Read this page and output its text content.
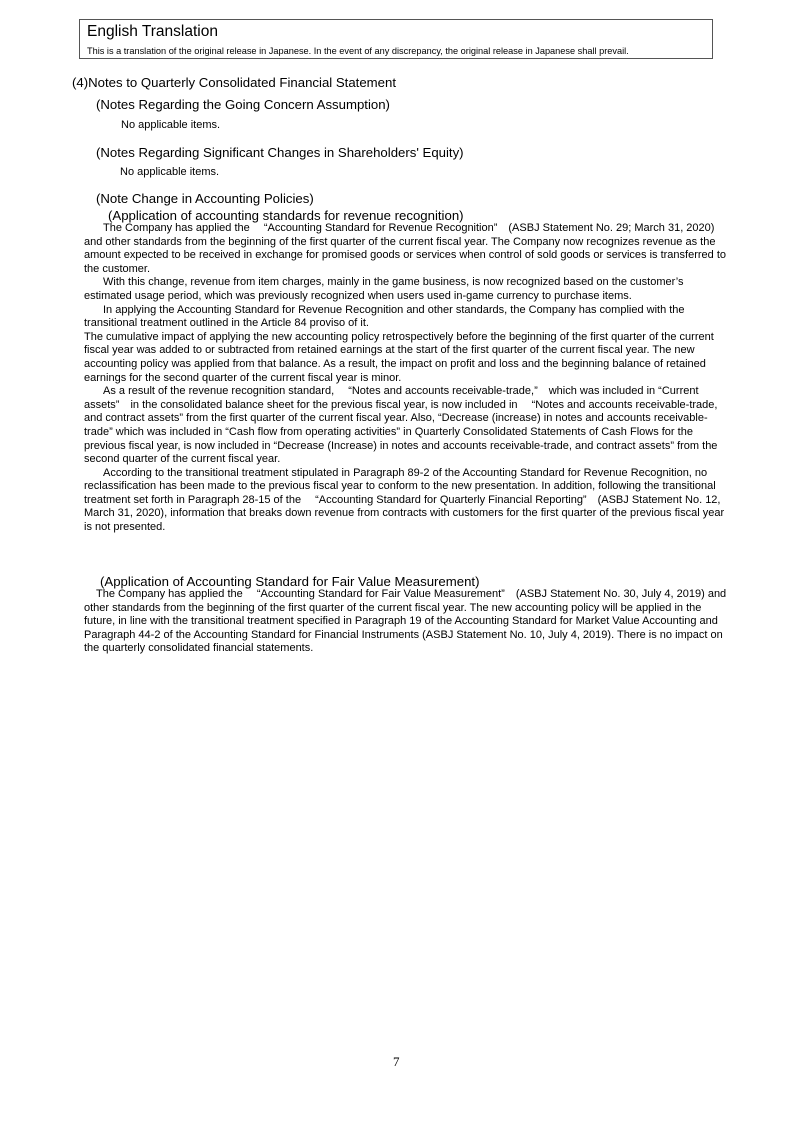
English Translation
This is a translation of the original release in Japanese. In the event of any discrepancy, the original release in Japanese shall prevail.
(4)Notes to Quarterly Consolidated Financial Statement
(Notes Regarding the Going Concern Assumption)
No applicable items.
(Notes Regarding Significant Changes in Shareholders' Equity)
No applicable items.
(Note Change in Accounting Policies)
(Application of accounting standards for revenue recognition)

The Company has applied the 　“Accounting Standard for Revenue Recognition”　(ASBJ Statement No. 29; March 31, 2020) and other standards from the beginning of the first quarter of the current fiscal year. The Company now recognizes revenue as the amount expected to be received in exchange for promised goods or services when control of sold goods or services is transferred to the customer.

With this change, revenue from item charges, mainly in the game business, is now recognized based on the customer’s estimated usage period, which was previously recognized when users used in-game currency to purchase items.

In applying the Accounting Standard for Revenue Recognition and other standards, the Company has complied with the transitional treatment outlined in the Article 84 proviso of it.

The cumulative impact of applying the new accounting policy retrospectively before the beginning of the first quarter of the current fiscal year was added to or subtracted from retained earnings at the start of the first quarter of the current fiscal year. The new accounting policy was applied from that balance. As a result, the impact on profit and loss and the beginning balance of retained earnings for the second quarter of the current fiscal year is minor.

As a result of the revenue recognition standard, 　“Notes and accounts receivable-trade,”　which was included in “Current assets”　in the consolidated balance sheet for the previous fiscal year, is now included in 　“Notes and accounts receivable-trade, and contract assets” from the first quarter of the current fiscal year. Also, “Decrease (increase) in notes and accounts receivable-trade” which was included in “Cash flow from operating activities” in Quarterly Consolidated Statements of Cash Flows for the previous fiscal year, is now included in “Decrease (Increase) in notes and accounts receivable-trade, and contract assets” from the second quarter of the current fiscal year.

According to the transitional treatment stipulated in Paragraph 89-2 of the Accounting Standard for Revenue Recognition, no reclassification has been made to the previous fiscal year to conform to the new presentation. In addition, following the transitional treatment set forth in Paragraph 28-15 of the 　“Accounting Standard for Quarterly Financial Reporting”　(ASBJ Statement No. 12, March 31, 2020), information that breaks down revenue from contracts with customers for the first quarter of the previous fiscal year is not presented.

(Application of Accounting Standard for Fair Value Measurement)

The Company has applied the 　“Accounting Standard for Fair Value Measurement”　(ASBJ Statement No. 30, July 4, 2019) and other standards from the beginning of the first quarter of the current fiscal year. The new accounting policy will be applied in the future, in line with the transitional treatment specified in Paragraph 19 of the Accounting Standard for Market Value Accounting and Paragraph 44-2 of the Accounting Standard for Financial Instruments (ASBJ Statement No. 10, July 4, 2019). There is no impact on the quarterly consolidated financial statements.

7
